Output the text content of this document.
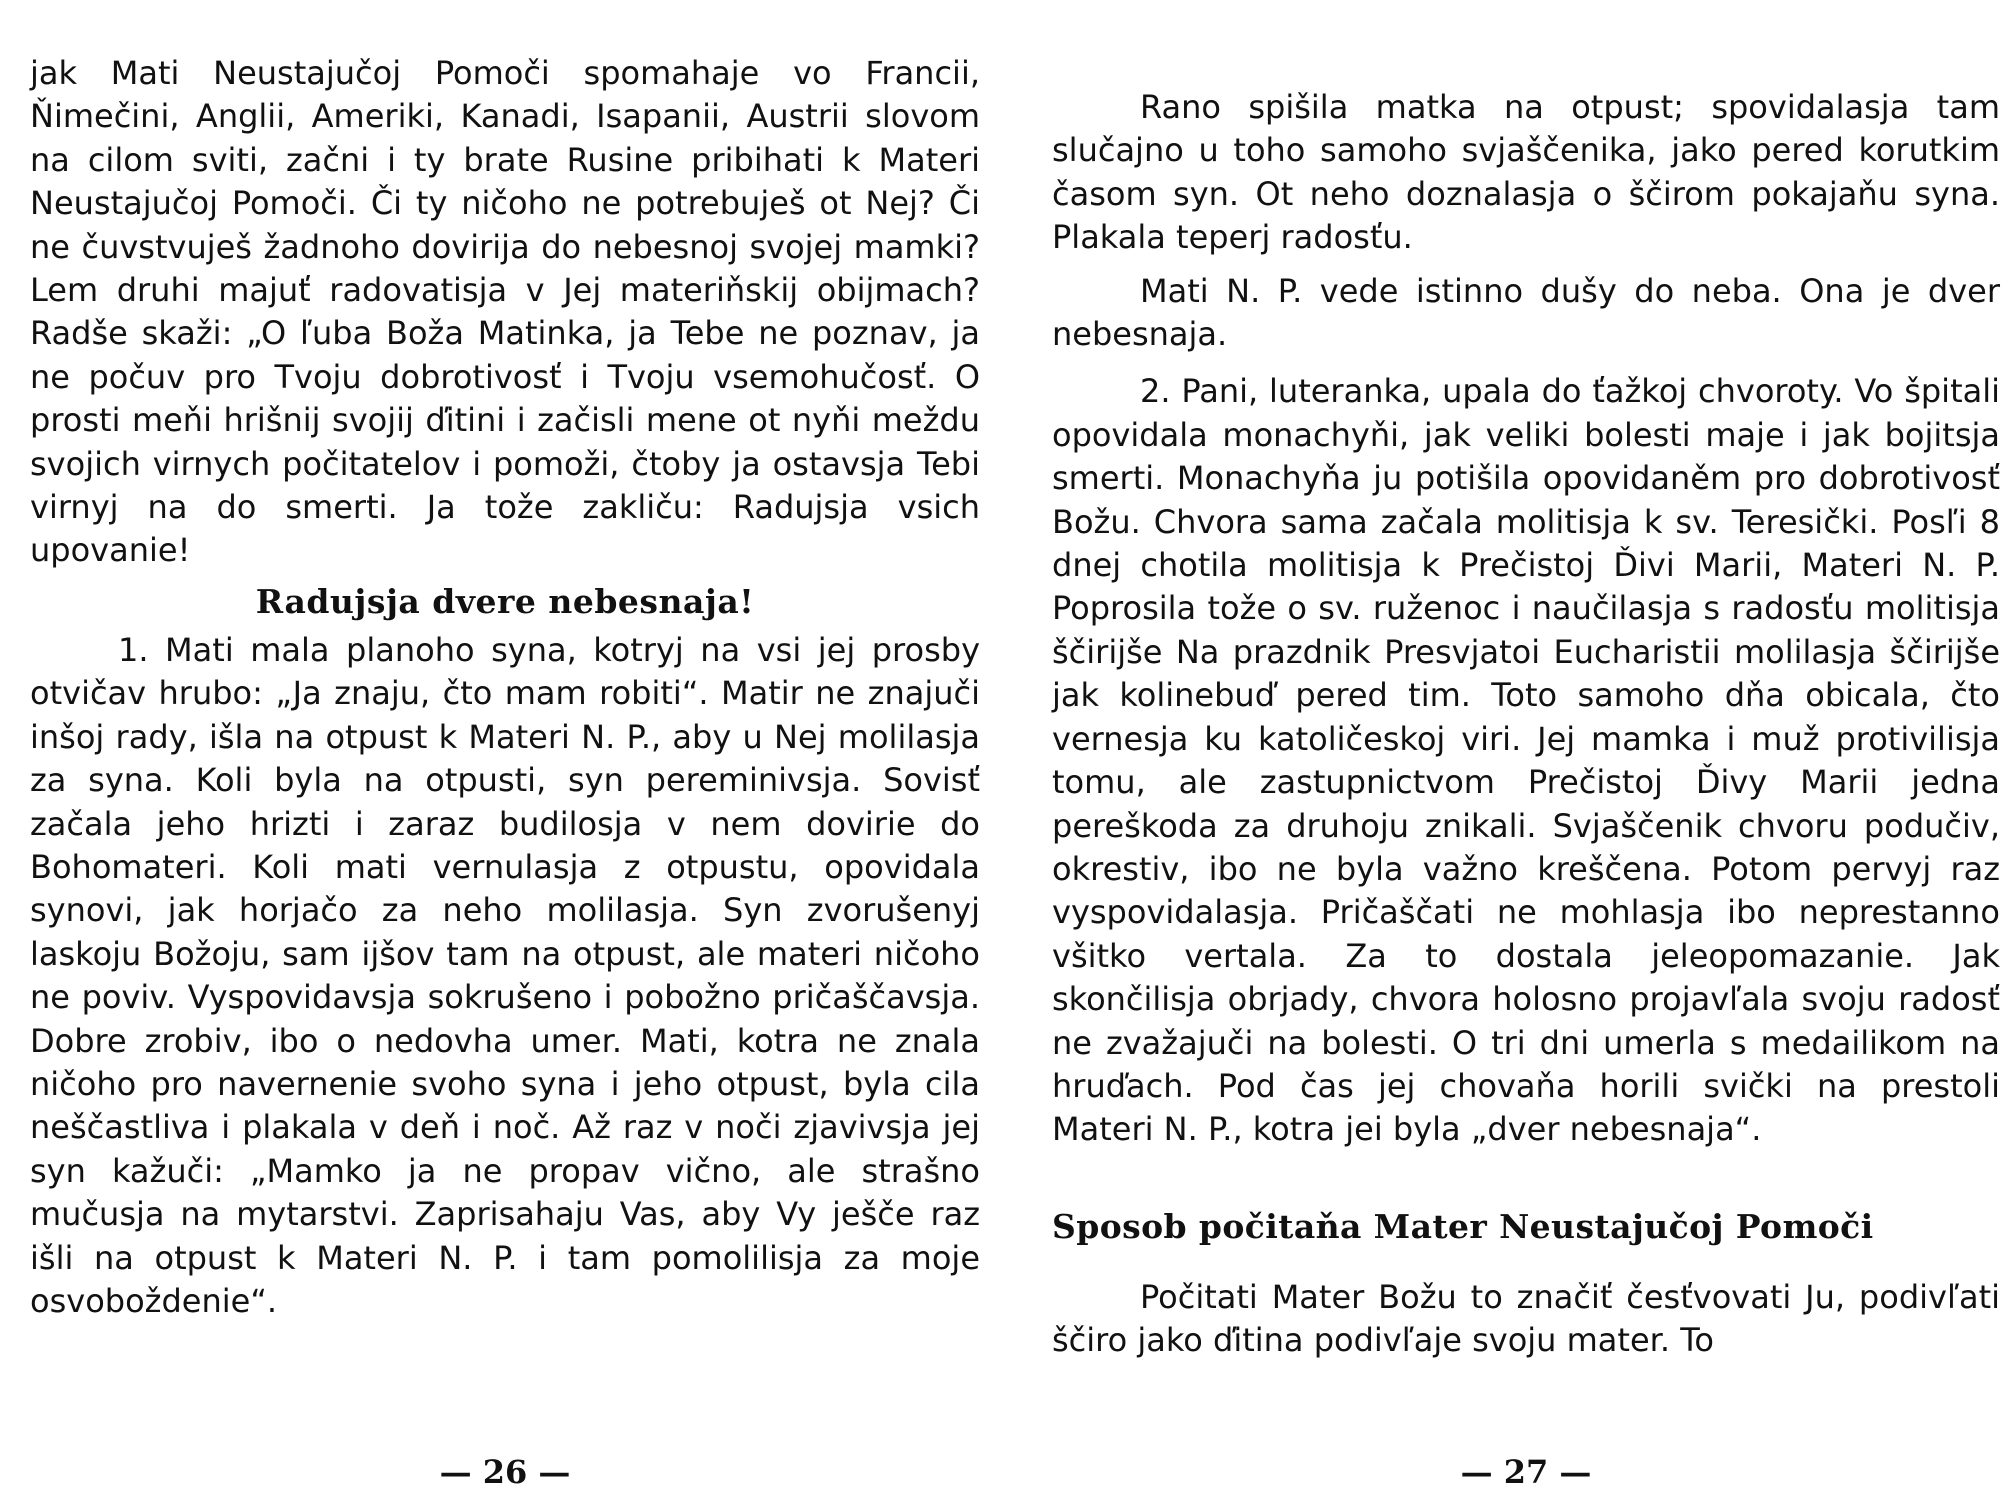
jak Mati Neustajučoj Pomoči spomahaje vo Francii, Ňimečini, Anglii, Ameriki, Kanadi, Isapanii, Austrii slovom na cilom sviti, začni i ty brate Rusine pribihati k Materi Neustajučoj Pomoči. Či ty ničoho ne potrebuješ ot Nej? Či ne čuvstvuješ žadnoho dovirija do nebesnoj svojej mamki? Lem druhi majuť radovatisja v Jej materiňskij obijmach? Radše skaži: „O ľuba Boža Matinka, ja Tebe ne poznav, ja ne počuv pro Tvoju dobrotivosť i Tvoju vsemohučosť. O prosti meňi hrišnij svojij ďitini i začisli mene ot nyňi meždu svojich virnych počitatelov i pomoži, čtoby ja ostavsja Tebi virnyj na do smerti. Ja tože zakliču: Radujsja vsich upovanie!

Radujsja dvere nebesnaja!

1. Mati mala planoho syna, kotryj na vsi jej prosby otvičav hrubo: „Ja znaju, čto mam robiti“. Matir ne znajuči inšoj rady, išla na otpust k Materi N. P., aby u Nej molilasja za syna. Koli byla na otpusti, syn pereminivsja. Sovisť začala jeho hrizti i zaraz budilosja v nem dovirie do Bohomateri. Koli mati vernulasja z otpustu, opovidala synovi, jak horjačo za neho molilasja. Syn zvorušenyj laskoju Božoju, sam ijšov tam na otpust, ale materi ničoho ne poviv. Vyspovidavsja sokrušeno i pobožno pričaščavsja. Dobre zrobiv, ibo o nedovha umer. Mati, kotra ne znala ničoho pro navernenie svoho syna i jeho otpust, byla cila neščastliva i plakala v deň i noč. Až raz v noči zjavivsja jej syn kažuči: „Mamko ja ne propav vično, ale strašno mučusja na mytarstvi. Zaprisahaju Vas, aby Vy ješče raz išli na otpust k Materi N. P. i tam pomolilisja za moje osvoboždenie“.

— 26 —

Rano spišila matka na otpust; spovidalasja tam slučajno u toho samoho svjaščenika, jako pered korutkim časom syn. Ot neho doznalasja o ščirom pokajaňu syna. Plakala teperj radosťu.

Mati N. P. vede istinno dušy do neba. Ona je dver nebesnaja.

2. Pani, luteranka, upala do ťažkoj chvoroty. Vo špitali opovidala monachyňi, jak veliki bolesti maje i jak bojitsja smerti. Monachyňa ju potišila opovidaněm pro dobrotivosť Božu. Chvora sama začala molitisja k sv. Teresički. Posľi 8 dnej chotila molitisja k Prečistoj Ďivi Marii, Materi N. P. Poprosila tože o sv. ruženoc i naučilasja s radosťu molitisja ščirijše Na prazdnik Presvjatoi Eucharistii molilasja ščirijše jak kolinebuď pered tim. Toto samoho dňa obicala, čto vernesja ku katoličeskoj viri. Jej mamka i muž protivilisja tomu, ale zastupnictvom Prečistoj Ďivy Marii jedna pereškoda za druhoju znikali. Svjaščenik chvoru podučiv, okrestiv, ibo ne byla važno kreščena. Potom pervyj raz vyspovidalasja. Pričaščati ne mohlasja ibo neprestanno všitko vertala. Za to dostala jeleopomazanie. Jak skončilisja obrjady, chvora holosno projavľala svoju radosť ne zvažajuči na bolesti. O tri dni umerla s medailikom na hruďach. Pod čas jej chovaňa horili svički na prestoli Materi N. P., kotra jei byla „dver nebesnaja“.

Sposob počitaňa Mater Neustajučoj Pomoči

Počitati Mater Božu to značiť česťvovati Ju, podivľati ščiro jako ďitina podivľaje svoju mater. To

— 27 —
